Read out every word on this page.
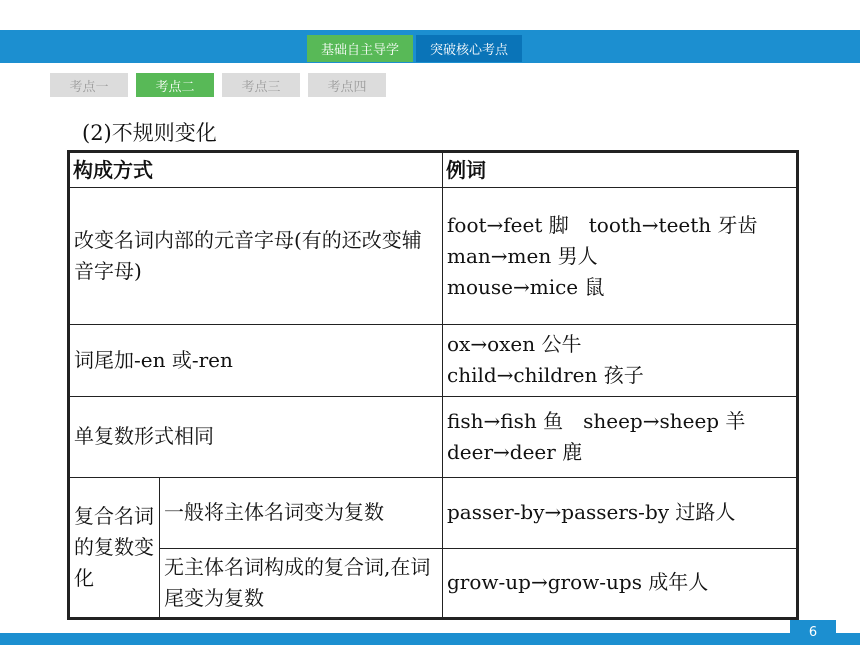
基础自主导学	突破核心考点
考点一	考点二	考点三	考点四
(2)不规则变化
构成方式		例词
改变名词内部的元音字母(有的还改变辅音字母)		foot→feet 脚　tooth→teeth 牙齿
man→men 男人
mouse→mice 鼠

词尾加-en 或-ren		ox→oxen 公牛
child→children 孩子

单复数形式相同		fish→fish 鱼　sheep→sheep 羊
deer→deer 鹿

复合名词的复数变化	一般将主体名词变为复数	passer-by→passers-by 过路人
	无主体名词构成的复合词,在词尾变为复数	grow-up→grow-ups 成年人
6
